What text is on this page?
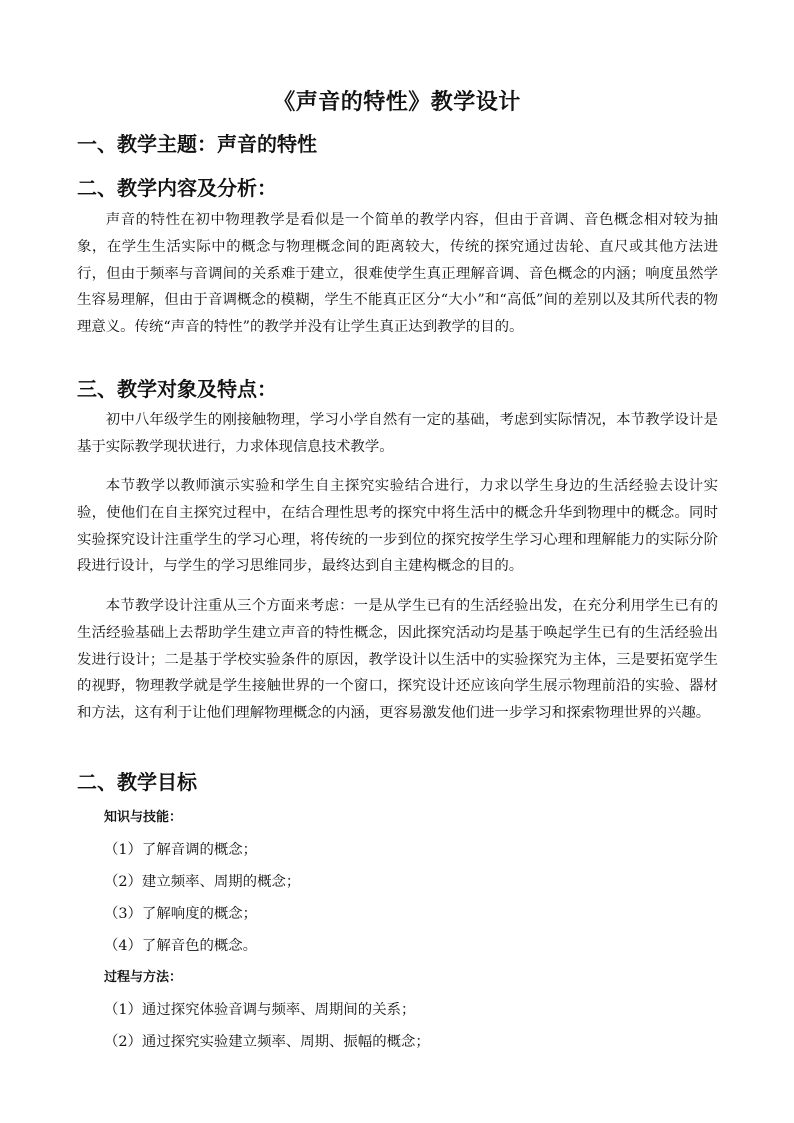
《声音的特性》教学设计
一、教学主题：声音的特性
二、教学内容及分析：

声音的特性在初中物理教学是看似是一个简单的教学内容，但由于音调、音色概念相对较为抽象，在学生生活实际中的概念与物理概念间的距离较大，传统的探究通过齿轮、直尺或其他方法进行，但由于频率与音调间的关系难于建立，很难使学生真正理解音调、音色概念的内涵；响度虽然学生容易理解，但由于音调概念的模糊，学生不能真正区分“大小”和“高低”间的差别以及其所代表的物理意义。传统“声音的特性”的教学并没有让学生真正达到教学的目的。

三、教学对象及特点：

初中八年级学生的刚接触物理，学习小学自然有一定的基础，考虑到实际情况，本节教学设计是基于实际教学现状进行，力求体现信息技术教学。

本节教学以教师演示实验和学生自主探究实验结合进行，力求以学生身边的生活经验去设计实验，使他们在自主探究过程中，在结合理性思考的探究中将生活中的概念升华到物理中的概念。同时实验探究设计注重学生的学习心理，将传统的一步到位的探究按学生学习心理和理解能力的实际分阶段进行设计，与学生的学习思维同步，最终达到自主建构概念的目的。

本节教学设计注重从三个方面来考虑：一是从学生已有的生活经验出发，在充分利用学生已有的生活经验基础上去帮助学生建立声音的特性概念，因此探究活动均是基于唤起学生已有的生活经验出发进行设计；二是基于学校实验条件的原因，教学设计以生活中的实验探究为主体，三是要拓宽学生的视野，物理教学就是学生接触世界的一个窗口，探究设计还应该向学生展示物理前沿的实验、器材和方法，这有利于让他们理解物理概念的内涵，更容易激发他们进一步学习和探索物理世界的兴趣。

二、教学目标
知识与技能：
（1）了解音调的概念；
（2）建立频率、周期的概念；
（3）了解响度的概念；
（4）了解音色的概念。
过程与方法：
（1）通过探究体验音调与频率、周期间的关系；
（2）通过探究实验建立频率、周期、振幅的概念；
